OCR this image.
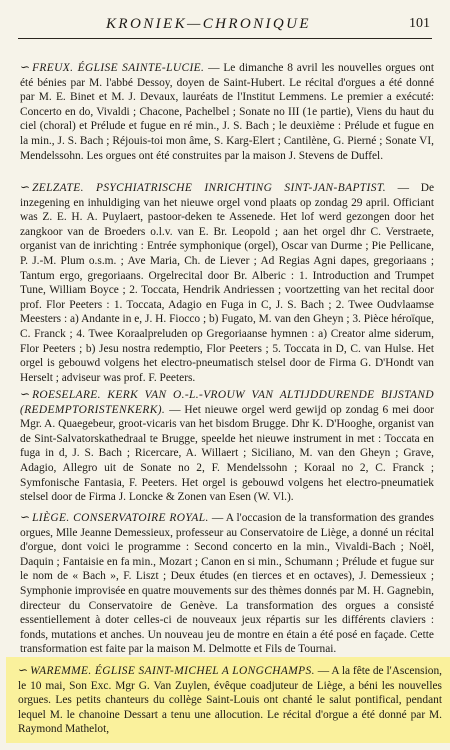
KRONIEK—CHRONIQUE	101

∽ FREUX. ÉGLISE SAINTE-LUCIE. — Le dimanche 8 avril les nouvelles orgues ont été bénies par M. l'abbé Dessoy, doyen de Saint-Hubert. Le récital d'orgues a été donné par M. E. Binet et M. J. Devaux, lauréats de l'Institut Lemmens. Le premier a exécuté: Concerto en do, Vivaldi ; Chacone, Pachelbel ; Sonate no III (1e partie), Viens du haut du ciel (choral) et Prélude et fugue en ré min., J. S. Bach ; le deuxième : Prélude et fugue en la min., J. S. Bach ; Réjouis-toi mon âme, S. Karg-Elert ; Cantilène, G. Pierné ; Sonate VI, Mendelssohn. Les orgues ont été construites par la maison J. Stevens de Duffel.

∽ ZELZATE. PSYCHIATRISCHE INRICHTING SINT-JAN-BAPTIST. — De inzegening en inhuldiging van het nieuwe orgel vond plaats op zondag 29 april. Officiant was Z. E. H. A. Puylaert, pastoor-deken te Assenede. Het lof werd gezongen door het zangkoor van de Broeders o.l.v. van E. Br. Leopold ; aan het orgel dhr C. Verstraete, organist van de inrichting : Entrée symphonique (orgel), Oscar van Durme ; Pie Pellicane, P. J.-M. Plum o.s.m. ; Ave Maria, Ch. de Liever ; Ad Regias Agni dapes, gregoriaans ; Tantum ergo, gregoriaans. Orgelrecital door Br. Alberic : 1. Introduction and Trumpet Tune, William Boyce ; 2. Toccata, Hendrik Andriessen ; voortzetting van het recital door prof. Flor Peeters : 1. Toccata, Adagio en Fuga in C, J. S. Bach ; 2. Twee Oudvlaamse Meesters : a) Andante in e, J. H. Fiocco ; b) Fugato, M. van den Gheyn ; 3. Pièce héroïque, C. Franck ; 4. Twee Koraalpreluden op Gregoriaanse hymnen : a) Creator alme siderum, Flor Peeters ; b) Jesu nostra redemptio, Flor Peeters ; 5. Toccata in D, C. van Hulse. Het orgel is gebouwd volgens het electro-pneumatisch stelsel door de Firma G. D'Hondt van Herselt ; adviseur was prof. F. Peeters.

∽ ROESELARE. KERK VAN O.-L.-VROUW VAN ALTIJDDURENDE BIJSTAND (REDEMPTORISTENKERK). — Het nieuwe orgel werd gewijd op zondag 6 mei door Mgr. A. Quaegebeur, groot-vicaris van het bisdom Brugge. Dhr K. D'Hooghe, organist van de Sint-Salvatorskathedraal te Brugge, speelde het nieuwe instrument in met : Toccata en fuga in d, J. S. Bach ; Ricercare, A. Willaert ; Siciliano, M. van den Gheyn ; Grave, Adagio, Allegro uit de Sonate no 2, F. Mendelssohn ; Koraal no 2, C. Franck ; Symfonische Fantasia, F. Peeters. Het orgel is gebouwd volgens het electro-pneumatiek stelsel door de Firma J. Loncke & Zonen van Esen (W. Vl.).

∽ LIÈGE. CONSERVATOIRE ROYAL. — A l'occasion de la transformation des grandes orgues, Mlle Jeanne Demessieux, professeur au Conservatoire de Liège, a donné un récital d'orgue, dont voici le programme : Second concerto en la min., Vivaldi-Bach ; Noël, Daquin ; Fantaisie en fa min., Mozart ; Canon en si min., Schumann ; Prélude et fugue sur le nom de « Bach », F. Liszt ; Deux études (en tierces et en octaves), J. Demessieux ; Symphonie improvisée en quatre mouvements sur des thèmes donnés par M. H. Gagnebin, directeur du Conservatoire de Genève. La transformation des orgues a consisté essentiellement à doter celles-ci de nouveaux jeux répartis sur les différents claviers : fonds, mutations et anches. Un nouveau jeu de montre en étain a été posé en façade. Cette transformation est faite par la maison M. Delmotte et Fils de Tournai.

∽ WAREMME. ÉGLISE SAINT-MICHEL A LONGCHAMPS. — A la fête de l'Ascension, le 10 mai, Son Exc. Mgr G. Van Zuylen, évêque coadjuteur de Liège, a béni les nouvelles orgues. Les petits chanteurs du collège Saint-Louis ont chanté le salut pontifical, pendant lequel M. le chanoine Dessart a tenu une allocution. Le récital d'orgue a été donné par M. Raymond Mathelot,
